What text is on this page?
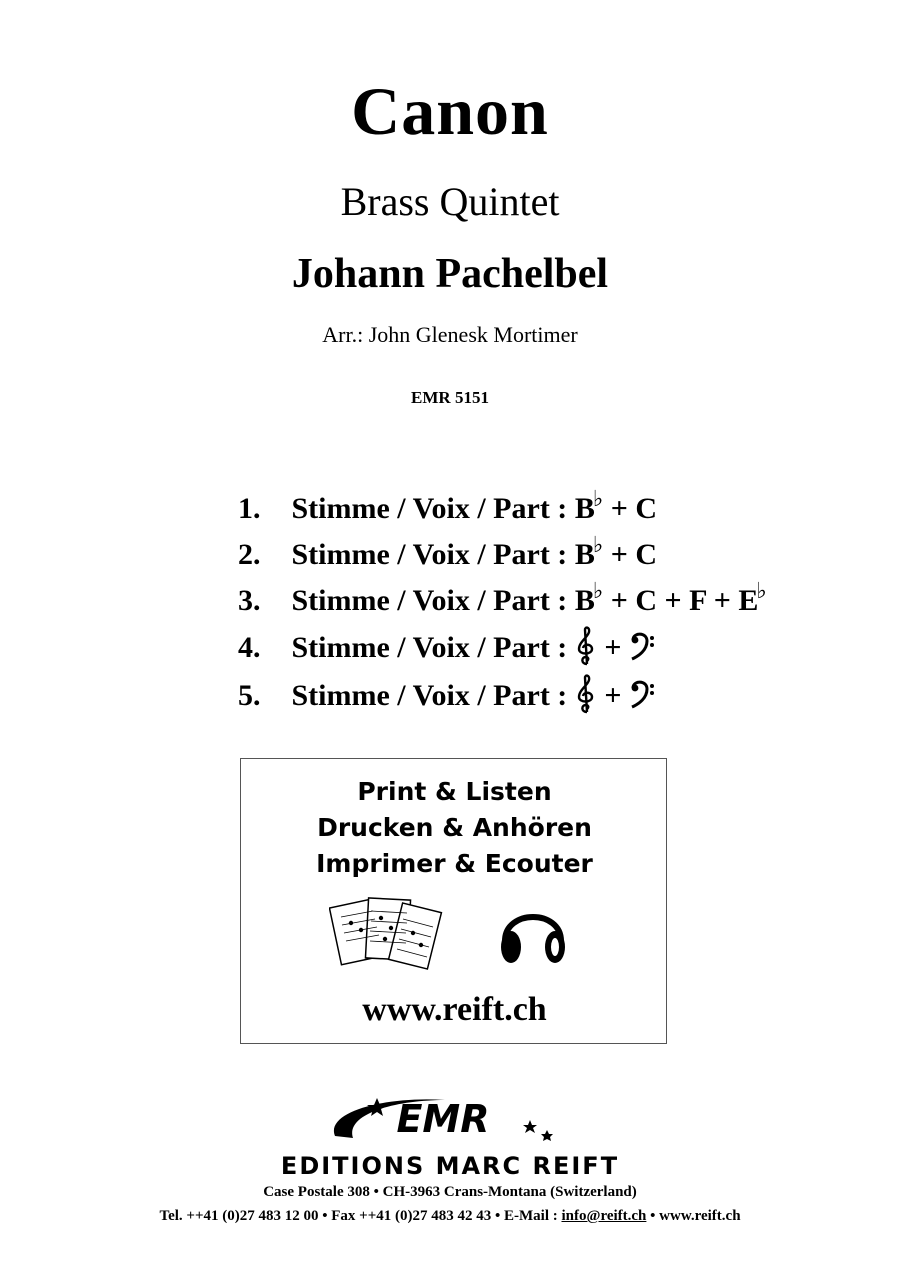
Canon
Brass Quintet
Johann Pachelbel
Arr.: John Glenesk Mortimer
EMR 5151
1. Stimme / Voix / Part : B♭ + C
2. Stimme / Voix / Part : B♭ + C
3. Stimme / Voix / Part : B♭ + C + F + E♭
4. Stimme / Voix / Part : +
5. Stimme / Voix / Part : +
Print & Listen
Drucken & Anhören
Imprimer & Ecouter
www.reift.ch
EMR
EDITIONS MARC REIFT
Case Postale 308 • CH-3963 Crans-Montana (Switzerland)
Tel. ++41 (0)27 483 12 00 • Fax ++41 (0)27 483 42 43 • E-Mail : info@reift.ch • www.reift.ch
